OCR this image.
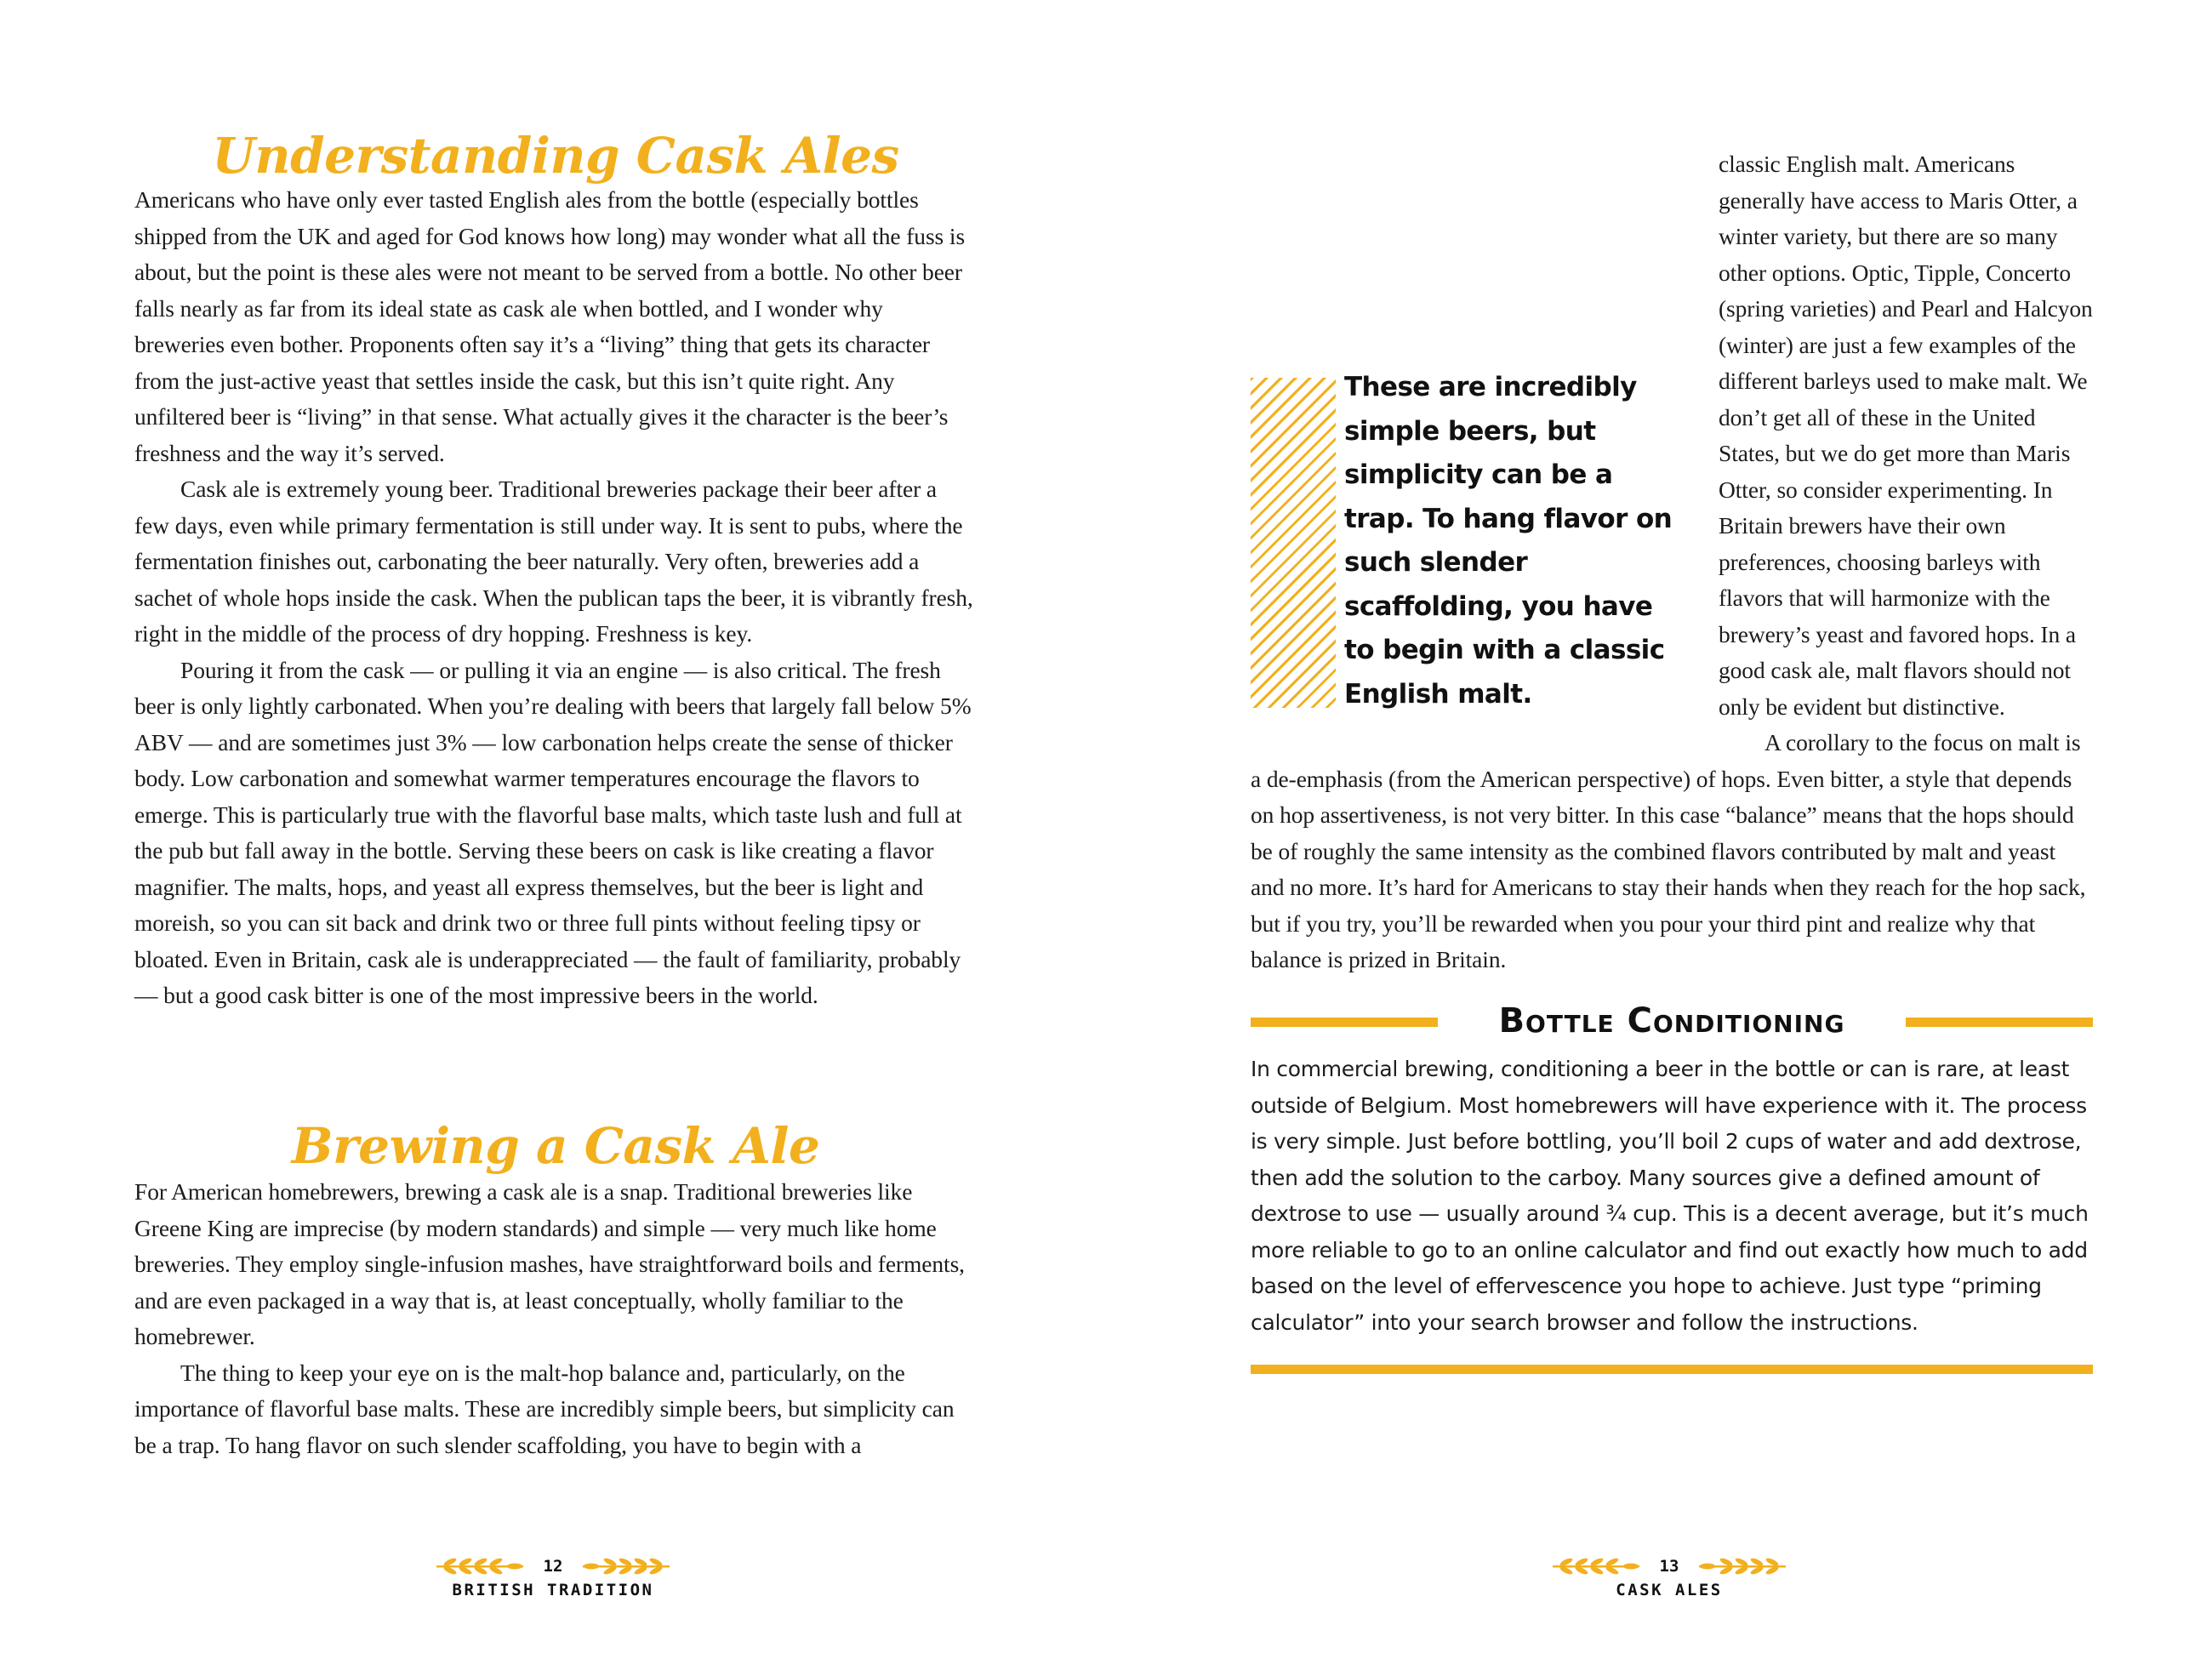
Understanding Cask Ales

Americans who have only ever tasted English ales from the bottle (especially bottles shipped from the UK and aged for God knows how long) may wonder what all the fuss is about, but the point is these ales were not meant to be served from a bottle. No other beer falls nearly as far from its ideal state as cask ale when bottled, and I wonder why breweries even bother. Proponents often say it’s a “living” thing that gets its character from the just-active yeast that settles inside the cask, but this isn’t quite right. Any unfiltered beer is “living” in that sense. What actually gives it the character is the beer’s freshness and the way it’s served.

Cask ale is extremely young beer. Traditional breweries package their beer after a few days, even while primary fermentation is still under way. It is sent to pubs, where the fermentation finishes out, carbonating the beer naturally. Very often, breweries add a sachet of whole hops inside the cask. When the publican taps the beer, it is vibrantly fresh, right in the middle of the process of dry hopping. Freshness is key.

Pouring it from the cask — or pulling it via an engine — is also critical. The fresh beer is only lightly carbonated. When you’re dealing with beers that largely fall below 5% ABV — and are sometimes just 3% — low carbonation helps create the sense of thicker body. Low carbonation and somewhat warmer temperatures encourage the flavors to emerge. This is particularly true with the flavorful base malts, which taste lush and full at the pub but fall away in the bottle. Serving these beers on cask is like creating a flavor magnifier. The malts, hops, and yeast all express themselves, but the beer is light and moreish, so you can sit back and drink two or three full pints without feeling tipsy or bloated. Even in Britain, cask ale is underappreciated — the fault of familiarity, probably — but a good cask bitter is one of the most impressive beers in the world.

Brewing a Cask Ale

For American homebrewers, brewing a cask ale is a snap. Traditional breweries like Greene King are imprecise (by modern standards) and simple — very much like home breweries. They employ single-infusion mashes, have straightforward boils and ferments, and are even packaged in a way that is, at least conceptually, wholly familiar to the homebrewer.

The thing to keep your eye on is the malt-hop balance and, particularly, on the importance of flavorful base malts. These are incredibly simple beers, but simplicity can be a trap. To hang flavor on such slender scaffolding, you have to begin with a

12
BRITISH TRADITION

These are incredibly simple beers, but simplicity can be a trap. To hang flavor on such slender scaffolding, you have to begin with a classic English malt.
classic English malt. Americans generally have access to Maris Otter, a winter variety, but there are so many other options. Optic, Tipple, Concerto (spring varieties) and Pearl and Halcyon (winter) are just a few examples of the different barleys used to make malt. We don’t get all of these in the United States, but we do get more than Maris Otter, so consider experimenting. In Britain brewers have their own preferences, choosing barleys with flavors that will harmonize with the brewery’s yeast and favored hops. In a good cask ale, malt flavors should not only be evident but distinctive.

A corollary to the focus on malt is a de-emphasis (from the American perspective) of hops. Even bitter, a style that depends on hop assertiveness, is not very bitter. In this case “balance” means that the hops should be of roughly the same intensity as the combined flavors contributed by malt and yeast and no more. It’s hard for Americans to stay their hands when they reach for the hop sack, but if you try, you’ll be rewarded when you pour your third pint and realize why that balance is prized in Britain.

Bottle Conditioning

In commercial brewing, conditioning a beer in the bottle or can is rare, at least outside of Belgium. Most homebrewers will have experience with it. The process is very simple. Just before bottling, you’ll boil 2 cups of water and add dextrose, then add the solution to the carboy. Many sources give a defined amount of dextrose to use — usually around ¾ cup. This is a decent average, but it’s much more reliable to go to an online calculator and find out exactly how much to add based on the level of effervescence you hope to achieve. Just type “priming calculator” into your search browser and follow the instructions.

13
CASK ALES
